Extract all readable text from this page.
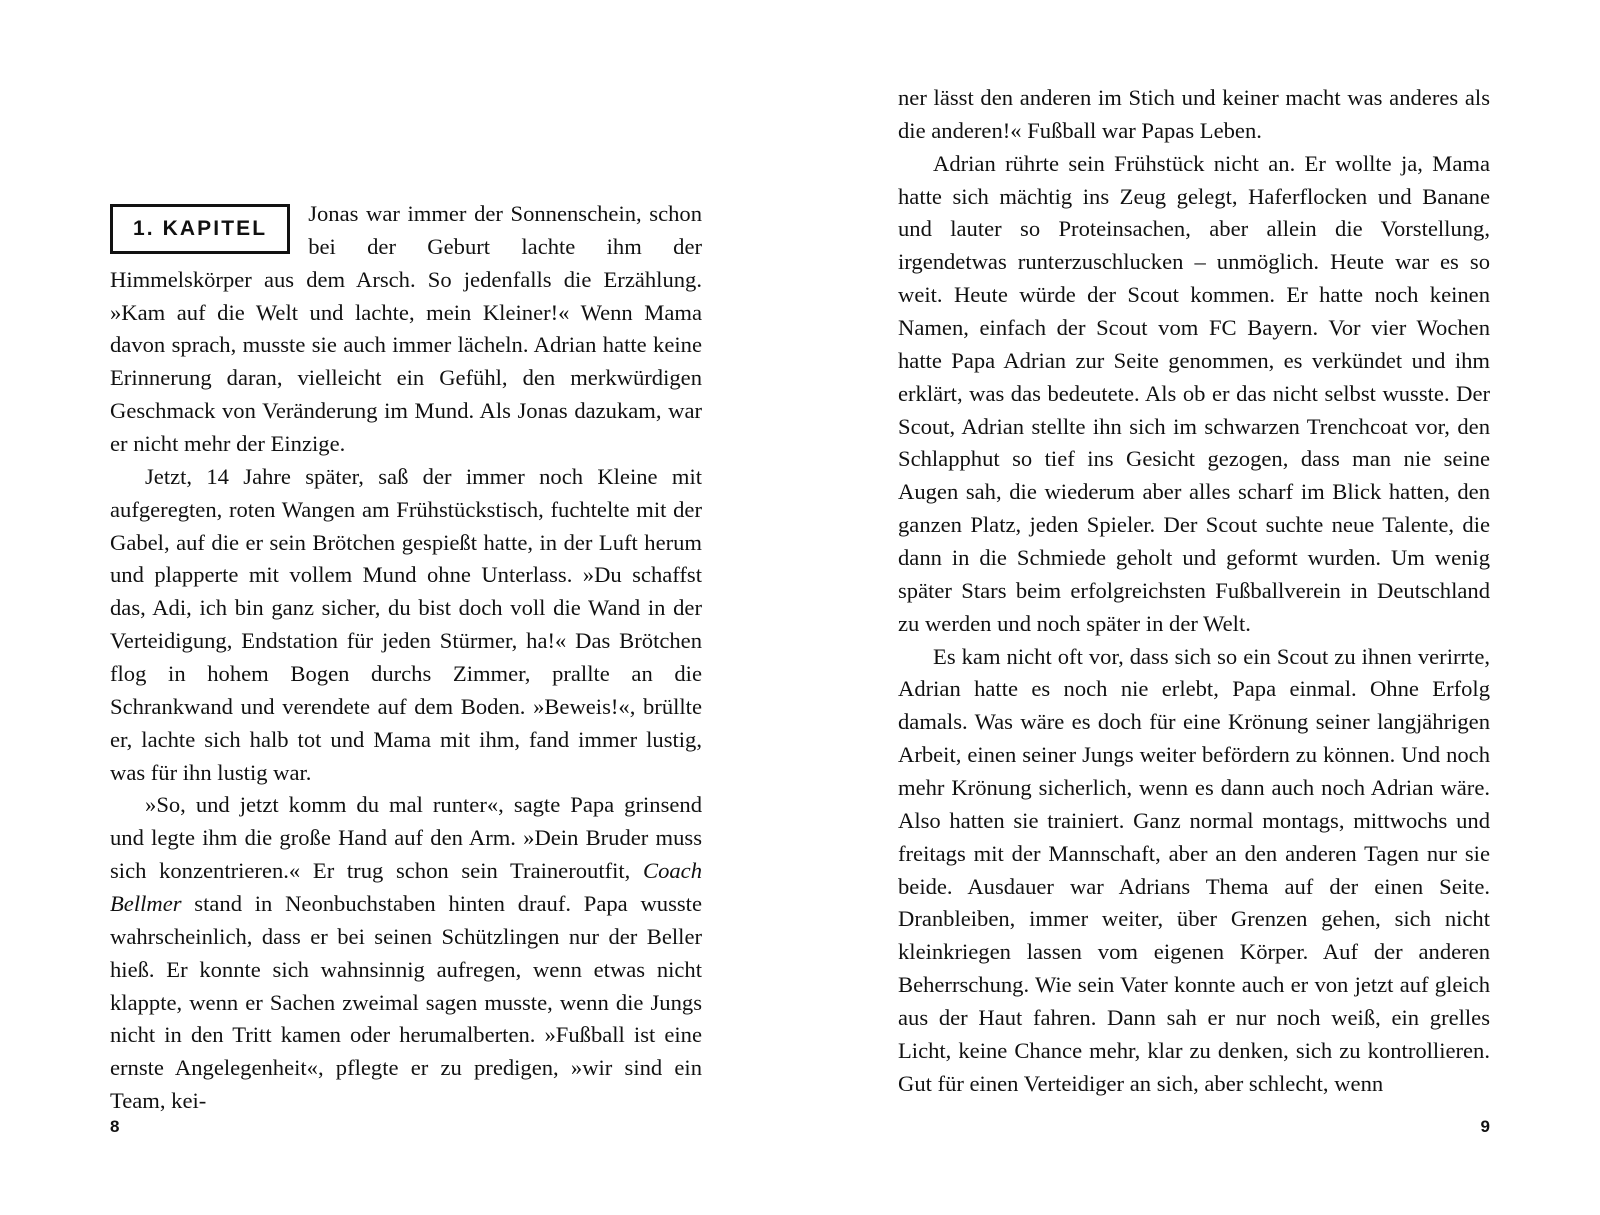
1. KAPITEL
Jonas war immer der Sonnenschein, schon bei der Geburt lachte ihm der Himmelskörper aus dem Arsch. So jedenfalls die Erzählung. »Kam auf die Welt und lachte, mein Kleiner!« Wenn Mama davon sprach, musste sie auch immer lächeln. Adrian hatte keine Erinnerung daran, vielleicht ein Gefühl, den merkwürdigen Geschmack von Veränderung im Mund. Als Jonas dazukam, war er nicht mehr der Einzige.

Jetzt, 14 Jahre später, saß der immer noch Kleine mit aufgeregten, roten Wangen am Frühstückstisch, fuchtelte mit der Gabel, auf die er sein Brötchen gespießt hatte, in der Luft herum und plapperte mit vollem Mund ohne Unterlass. »Du schaffst das, Adi, ich bin ganz sicher, du bist doch voll die Wand in der Verteidigung, Endstation für jeden Stürmer, ha!« Das Brötchen flog in hohem Bogen durchs Zimmer, prallte an die Schrankwand und verendete auf dem Boden. »Beweis!«, brüllte er, lachte sich halb tot und Mama mit ihm, fand immer lustig, was für ihn lustig war.

»So, und jetzt komm du mal runter«, sagte Papa grinsend und legte ihm die große Hand auf den Arm. »Dein Bruder muss sich konzentrieren.« Er trug schon sein Traineroutfit, Coach Bellmer stand in Neonbuchstaben hinten drauf. Papa wusste wahrscheinlich, dass er bei seinen Schützlingen nur der Beller hieß. Er konnte sich wahnsinnig aufregen, wenn etwas nicht klappte, wenn er Sachen zweimal sagen musste, wenn die Jungs nicht in den Tritt kamen oder herumalberten. »Fußball ist eine ernste Angelegenheit«, pflegte er zu predigen, »wir sind ein Team, kei-

8

ner lässt den anderen im Stich und keiner macht was anderes als die anderen!« Fußball war Papas Leben.

Adrian rührte sein Frühstück nicht an. Er wollte ja, Mama hatte sich mächtig ins Zeug gelegt, Haferflocken und Banane und lauter so Proteinsachen, aber allein die Vorstellung, irgendetwas runterzuschlucken – unmöglich. Heute war es so weit. Heute würde der Scout kommen. Er hatte noch keinen Namen, einfach der Scout vom FC Bayern. Vor vier Wochen hatte Papa Adrian zur Seite genommen, es verkündet und ihm erklärt, was das bedeutete. Als ob er das nicht selbst wusste. Der Scout, Adrian stellte ihn sich im schwarzen Trenchcoat vor, den Schlapphut so tief ins Gesicht gezogen, dass man nie seine Augen sah, die wiederum aber alles scharf im Blick hatten, den ganzen Platz, jeden Spieler. Der Scout suchte neue Talente, die dann in die Schmiede geholt und geformt wurden. Um wenig später Stars beim erfolgreichsten Fußballverein in Deutschland zu werden und noch später in der Welt.

Es kam nicht oft vor, dass sich so ein Scout zu ihnen verirrte, Adrian hatte es noch nie erlebt, Papa einmal. Ohne Erfolg damals. Was wäre es doch für eine Krönung seiner langjährigen Arbeit, einen seiner Jungs weiter befördern zu können. Und noch mehr Krönung sicherlich, wenn es dann auch noch Adrian wäre. Also hatten sie trainiert. Ganz normal montags, mittwochs und freitags mit der Mannschaft, aber an den anderen Tagen nur sie beide. Ausdauer war Adrians Thema auf der einen Seite. Dranbleiben, immer weiter, über Grenzen gehen, sich nicht kleinkriegen lassen vom eigenen Körper. Auf der anderen Beherrschung. Wie sein Vater konnte auch er von jetzt auf gleich aus der Haut fahren. Dann sah er nur noch weiß, ein grelles Licht, keine Chance mehr, klar zu denken, sich zu kontrollieren. Gut für einen Verteidiger an sich, aber schlecht, wenn

9
